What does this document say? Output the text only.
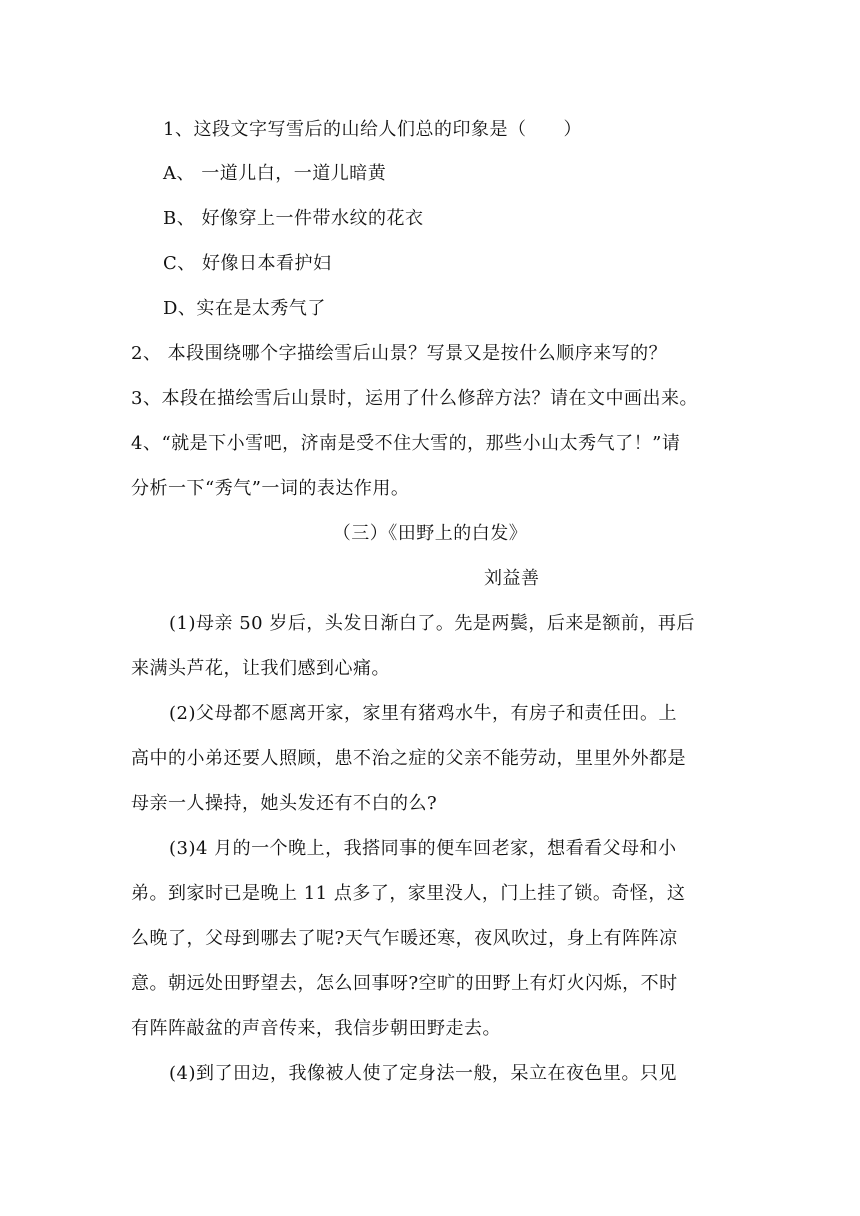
1、这段文字写雪后的山给人们总的印象是（　　）
A、 一道儿白，一道儿暗黄
B、 好像穿上一件带水纹的花衣
C、 好像日本看护妇
D、实在是太秀气了
2、 本段围绕哪个字描绘雪后山景？写景又是按什么顺序来写的？
3、本段在描绘雪后山景时，运用了什么修辞方法？请在文中画出来。
4、“就是下小雪吧，济南是受不住大雪的，那些小山太秀气了！”请
分析一下“秀气”一词的表达作用。
（三）《田野上的白发》
刘益善
(1)母亲 50 岁后，头发日渐白了。先是两鬓，后来是额前，再后
来满头芦花，让我们感到心痛。
(2)父母都不愿离开家，家里有猪鸡水牛，有房子和责任田。上
高中的小弟还要人照顾，患不治之症的父亲不能劳动，里里外外都是
母亲一人操持，她头发还有不白的么?
(3)4 月的一个晚上，我搭同事的便车回老家，想看看父母和小
弟。到家时已是晚上 11 点多了，家里没人，门上挂了锁。奇怪，这
么晚了，父母到哪去了呢?天气乍暖还寒，夜风吹过，身上有阵阵凉
意。朝远处田野望去，怎么回事呀?空旷的田野上有灯火闪烁，不时
有阵阵敲盆的声音传来，我信步朝田野走去。
(4)到了田边，我像被人使了定身法一般，呆立在夜色里。只见
